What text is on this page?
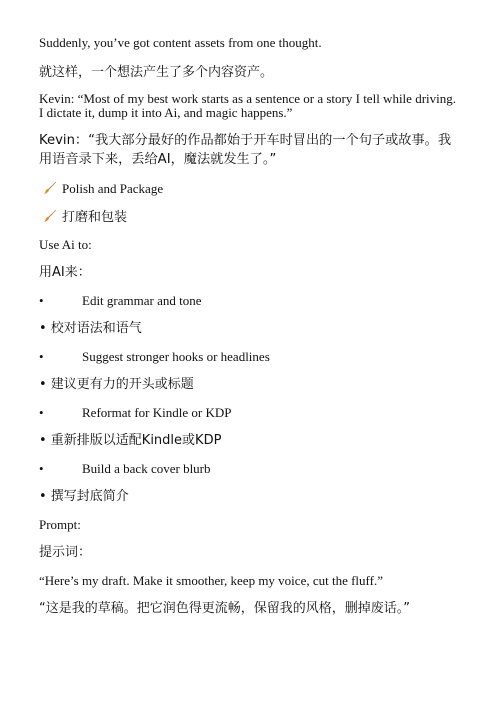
Suddenly, you’ve got content assets from one thought.
就这样，一个想法产生了多个内容资产。
Kevin: “Most of my best work starts as a sentence or a story I tell while driving. I dictate it, dump it into Ai, and magic happens.”
Kevin：“我大部分最好的作品都始于开车时冒出的一个句子或故事。我用语音录下来，丢给AI，魔法就发生了。”
Polish and Package
打磨和包装
Use Ai to:
用AI来：
•	Edit grammar and tone
• 校对语法和语气
•	Suggest stronger hooks or headlines
• 建议更有力的开头或标题
•	Reformat for Kindle or KDP
• 重新排版以适配Kindle或KDP
•	Build a back cover blurb
• 撰写封底简介
Prompt:
提示词：
“Here’s my draft. Make it smoother, keep my voice, cut the fluff.”
“这是我的草稿。把它润色得更流畅，保留我的风格，删掉废话。”
